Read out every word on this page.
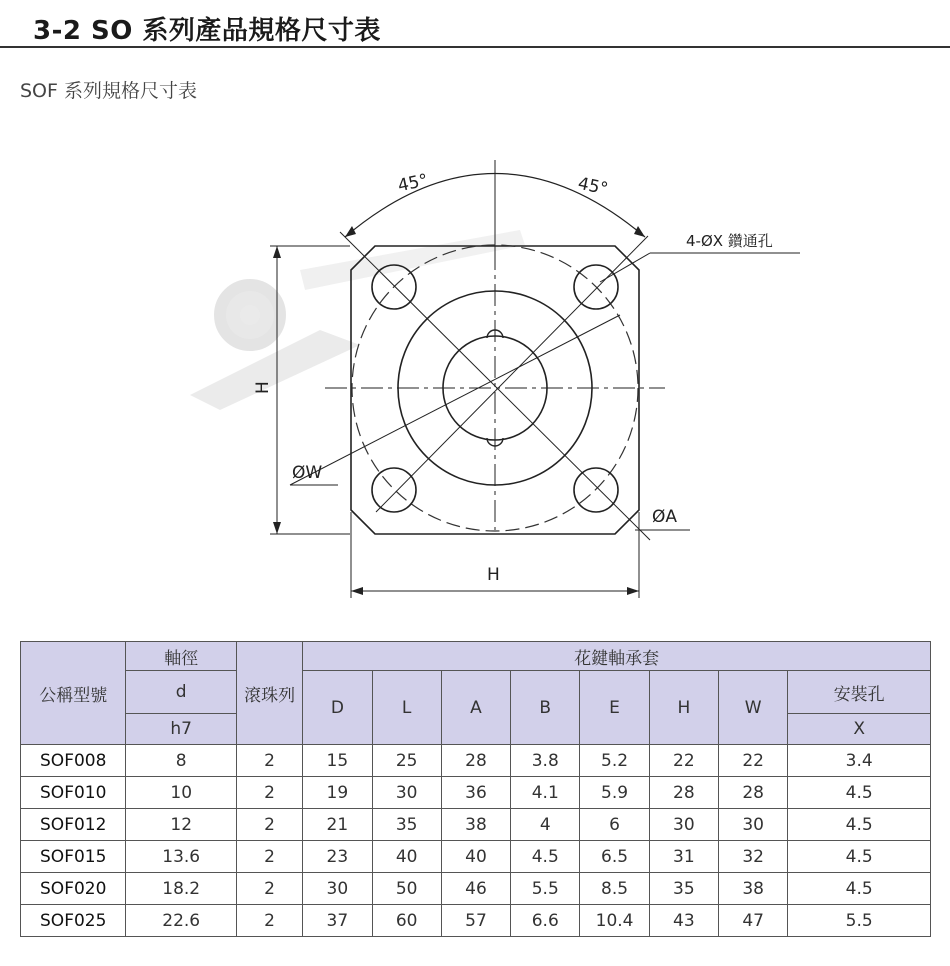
3-2 SO 系列產品規格尺寸表
SOF 系列規格尺寸表
45°	45°
4-ØX 鑽通孔
ØW
ØA
H
H
公稱型號	軸徑	滾珠列	花鍵軸承套							
	d		D	L	A	B	E	H	W	安裝孔
	h7									X
SOF008	8	2	15	25	28	3.8	5.2	22	22	3.4
SOF010	10	2	19	30	36	4.1	5.9	28	28	4.5
SOF012	12	2	21	35	38	4	6	30	30	4.5
SOF015	13.6	2	23	40	40	4.5	6.5	31	32	4.5
SOF020	18.2	2	30	50	46	5.5	8.5	35	38	4.5
SOF025	22.6	2	37	60	57	6.6	10.4	43	47	5.5
